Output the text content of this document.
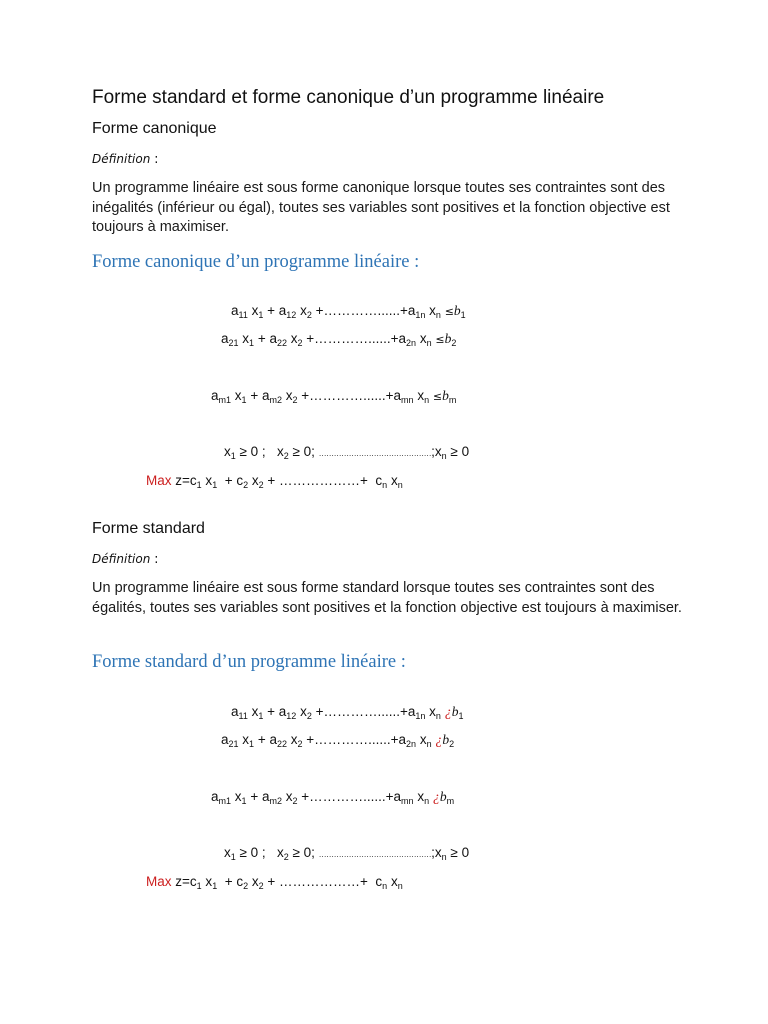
Forme standard et forme canonique d’un programme linéaire
Forme canonique
Définition :
Un programme linéaire est sous forme canonique lorsque toutes ses contraintes sont des inégalités (inférieur ou égal), toutes ses variables sont positives et la fonction objective est toujours à maximiser.
Forme canonique d’un programme linéaire :
$a_{11}$ $x_1 + a_{12}$ $x_2$ $+\dots\dots\dots\dots......+a_{1n}$ $x_n \le b_1$
$a_{21}$ $x_1 + a_{22}$ $x_2$ $+\dots\dots\dots\dots......+a_{2n}$ $x_n \le b_2$
$a_{m1}$ $x_1 + a_{m2}$ $x_2$ $+\dots\dots\dots\dots......+a_{mn}$ $x_n \le b_m$
$x_1 \ge 0$ ;   $x_2 \ge 0$; $\dots\dots\dots\dots\dots\dots\dots\dots\dots\dots\dots\dots\dots\dots\dots;x_n \ge 0$
Max $z=c_1$ $x_1 + c_2$ $x_2$ + ………………+  $c_n$ $x_n$
Forme standard
Définition :
Un programme linéaire est sous forme standard lorsque toutes ses contraintes sont des égalités, toutes ses variables sont positives et la fonction objective est toujours à maximiser.
Forme standard d’un programme linéaire :
$a_{11}$ $x_1 + a_{12}$ $x_2$ $+\dots\dots\dots\dots......+a_{1n}$ $x_n$ ¿$b_1$
$a_{21}$ $x_1 + a_{22}$ $x_2$ $+\dots\dots\dots\dots......+a_{2n}$ $x_n$ ¿$b_2$
$a_{m1}$ $x_1 + a_{m2}$ $x_2$ $+\dots\dots\dots\dots......+a_{mn}$ $x_n$ ¿$b_m$
$x_1 \ge 0$ ;   $x_2 \ge 0$; $\dots\dots\dots\dots\dots\dots\dots\dots\dots\dots\dots\dots\dots\dots\dots;x_n \ge 0$
Max $z=c_1$ $x_1 + c_2$ $x_2$ + ………………+  $c_n$ $x_n$
